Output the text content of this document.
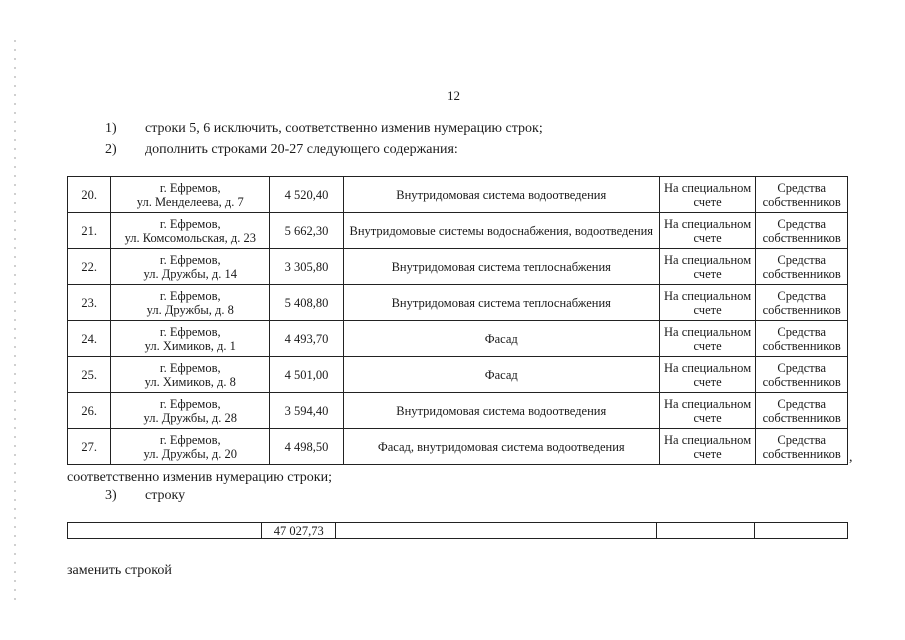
12
1) строки 5, 6 исключить, соответственно изменив нумерацию строк;
2) дополнить строками 20-27 следующего содержания:
20.	г. Ефремов,
ул. Менделеева, д. 7	4 520,40	Внутридомовая система водоотведения	На специальном
счете	Средства
собственников
21.	г. Ефремов,
ул. Комсомольская, д. 23	5 662,30	Внутридомовые системы водоснабжения, водоотведения	На специальном
счете	Средства
собственников
22.	г. Ефремов,
ул. Дружбы, д. 14	3 305,80	Внутридомовая система теплоснабжения	На специальном
счете	Средства
собственников
23.	г. Ефремов,
ул. Дружбы, д. 8	5 408,80	Внутридомовая система теплоснабжения	На специальном
счете	Средства
собственников
24.	г. Ефремов,
ул. Химиков, д. 1	4 493,70	Фасад	На специальном
счете	Средства
собственников
25.	г. Ефремов,
ул. Химиков, д. 8	4 501,00	Фасад	На специальном
счете	Средства
собственников
26.	г. Ефремов,
ул. Дружбы, д. 28	3 594,40	Внутридомовая система водоотведения	На специальном
счете	Средства
собственников
27.	г. Ефремов,
ул. Дружбы, д. 20	4 498,50	Фасад, внутридомовая система водоотведения	На специальном
счете	Средства
собственников ,
соответственно изменив нумерацию строки;
3) строку
	47 027,73			
заменить строкой
